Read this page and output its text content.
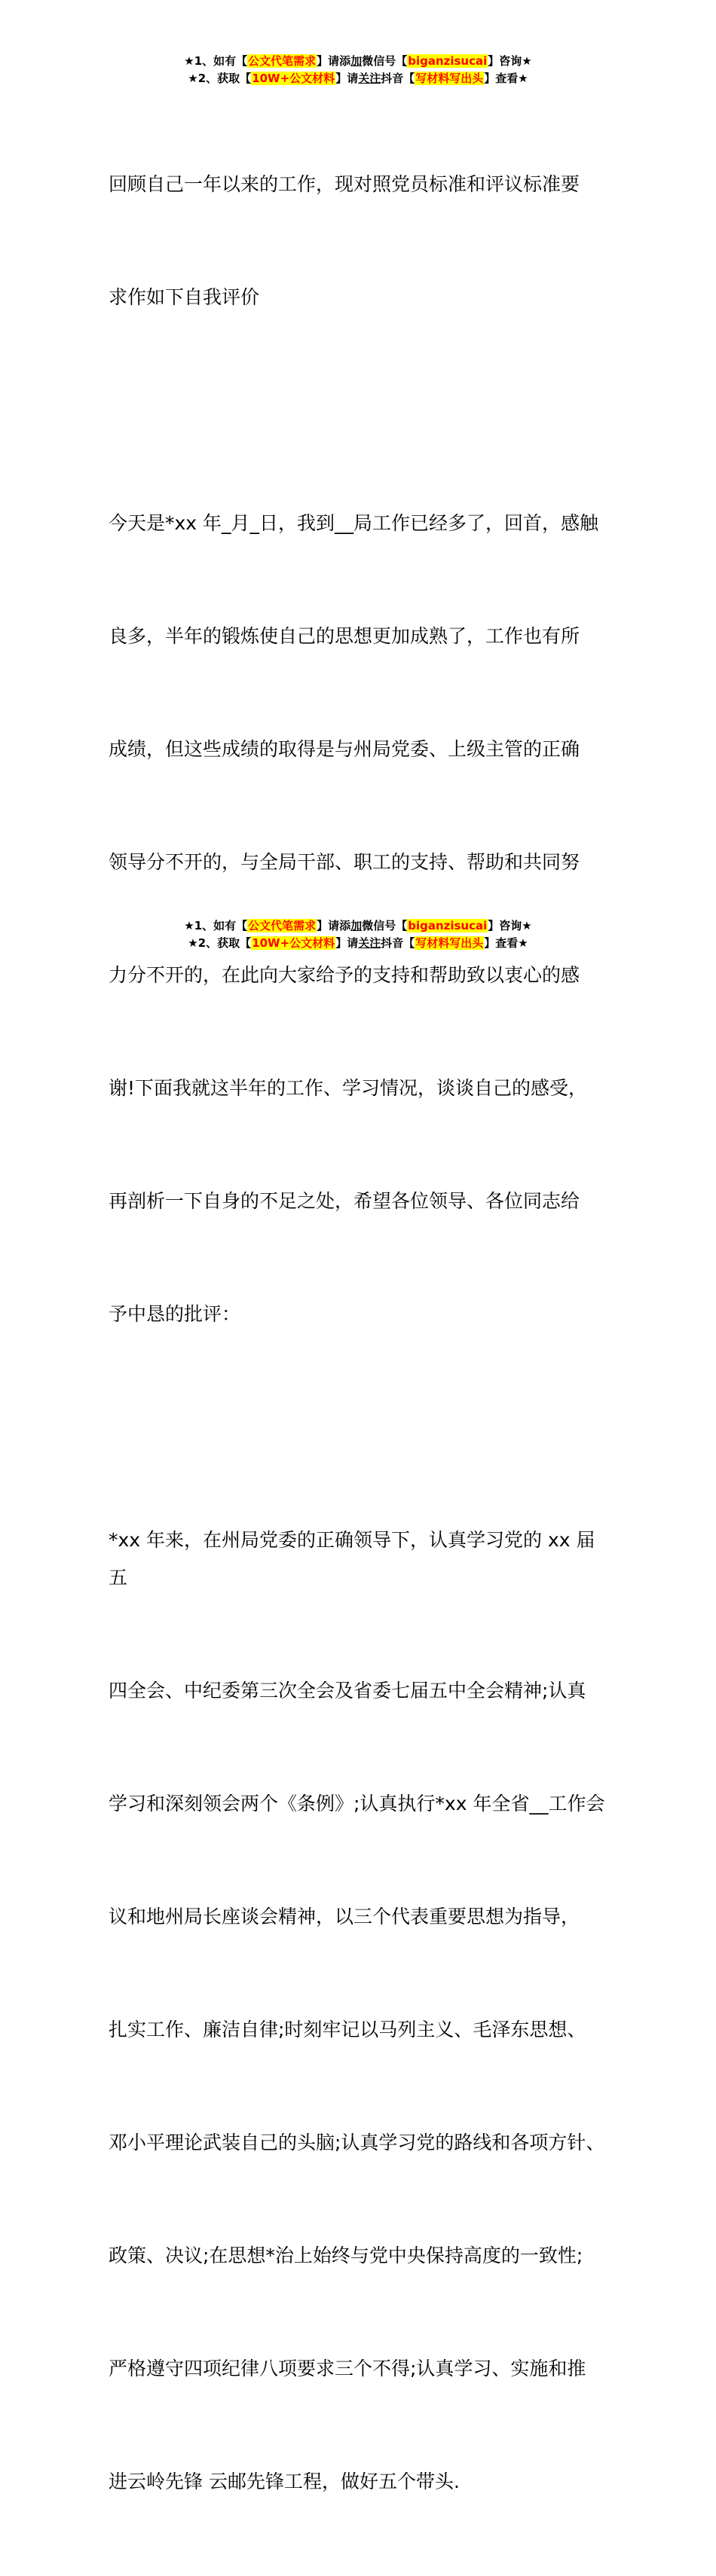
★1、如有【公文代笔需求】请添加微信号【biganzisucai】咨询★
★2、获取【10W+公文材料】请关注抖音【写材料写出头】查看★

回顾自己一年以来的工作，现对照党员标准和评议标准要

求作如下自我评价

今天是*xx 年_月_日，我到__局工作已经多了，回首，感触

良多，半年的锻炼使自己的思想更加成熟了，工作也有所

成绩，但这些成绩的取得是与州局党委、上级主管的正确

领导分不开的，与全局干部、职工的支持、帮助和共同努

力分不开的，在此向大家给予的支持和帮助致以衷心的感

谢!下面我就这半年的工作、学习情况，谈谈自己的感受，

再剖析一下自身的不足之处，希望各位领导、各位同志给

予中恳的批评：

*xx 年来，在州局党委的正确领导下，认真学习党的 xx 届五

四全会、中纪委第三次全会及省委七届五中全会精神;认真

学习和深刻领会两个《条例》;认真执行*xx 年全省__工作会

议和地州局长座谈会精神，以三个代表重要思想为指导，

扎实工作、廉洁自律;时刻牢记以马列主义、毛泽东思想、

邓小平理论武装自己的头脑;认真学习党的路线和各项方针、

政策、决议;在思想*治上始终与党中央保持高度的一致性;

严格遵守四项纪律八项要求三个不得;认真学习、实施和推

进云岭先锋 云邮先锋工程，做好五个带头.

★1、如有【公文代笔需求】请添加微信号【biganzisucai】咨询★
★2、获取【10W+公文材料】请关注抖音【写材料写出头】查看★
